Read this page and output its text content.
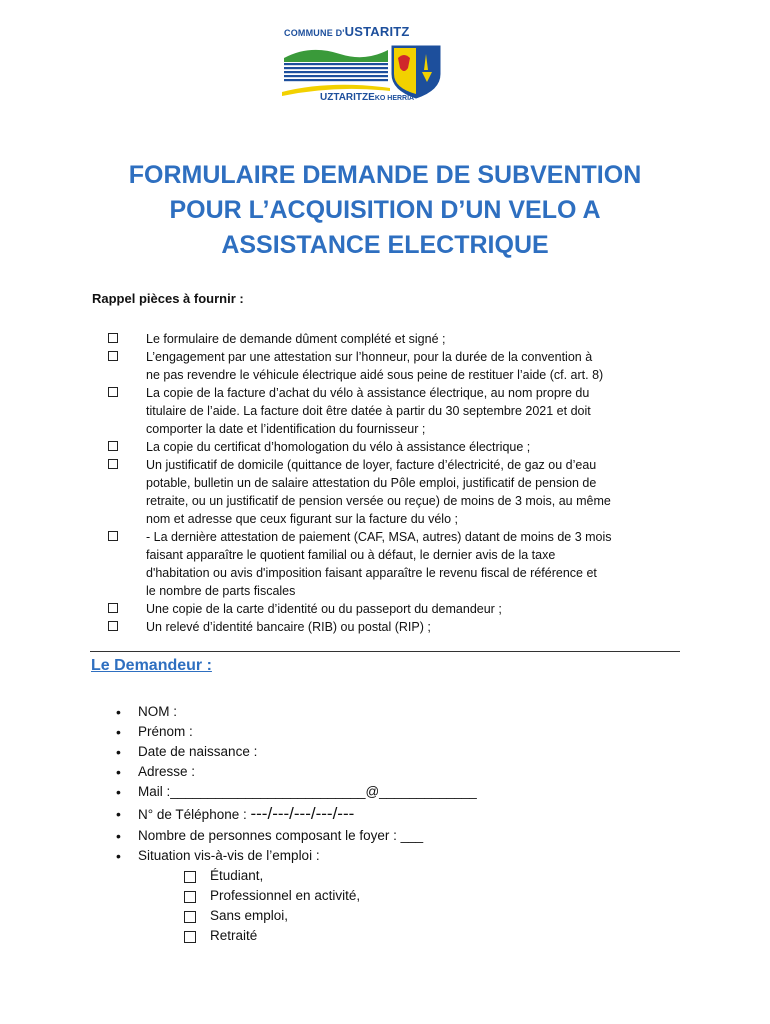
COMMUNE D'USTARITZ
UZTARITZEKO HERRIA
FORMULAIRE DEMANDE DE SUBVENTION
POUR L’ACQUISITION D’UN VELO A
ASSISTANCE ELECTRIQUE
Rappel pièces à fournir :
Le formulaire de demande dûment complété et signé ;
L’engagement par une attestation sur l’honneur, pour la durée de la convention à
ne pas revendre le véhicule électrique aidé sous peine de restituer l’aide (cf. art. 8)
La copie de la facture d’achat du vélo à assistance électrique, au nom propre du
titulaire de l’aide. La facture doit être datée à partir du 30 septembre 2021 et doit
comporter la date et l’identification du fournisseur ;
La copie du certificat d’homologation du vélo à assistance électrique ;
Un justificatif de domicile (quittance de loyer, facture d’électricité, de gaz ou d’eau
potable, bulletin un de salaire attestation du Pôle emploi, justificatif de pension de
retraite, ou un justificatif de pension versée ou reçue) de moins de 3 mois, au même
nom et adresse que ceux figurant sur la facture du vélo ;
- La dernière attestation de paiement (CAF, MSA, autres) datant de moins de 3 mois
faisant apparaître le quotient familial ou à défaut, le dernier avis de la taxe
d'habitation ou avis d'imposition faisant apparaître le revenu fiscal de référence et
le nombre de parts fiscales
Une copie de la carte d’identité ou du passeport du demandeur ;
Un relevé d’identité bancaire (RIB) ou postal (RIP) ;
Le Demandeur :
• NOM :
• Prénom :
• Date de naissance :
• Adresse :
• Mail :__________________________@_____________
• N° de Téléphone : ---/---/---/---/---
• Nombre de personnes composant le foyer : ___
• Situation vis-à-vis de l’emploi :
Étudiant,
Professionnel en activité,
Sans emploi,
Retraité
